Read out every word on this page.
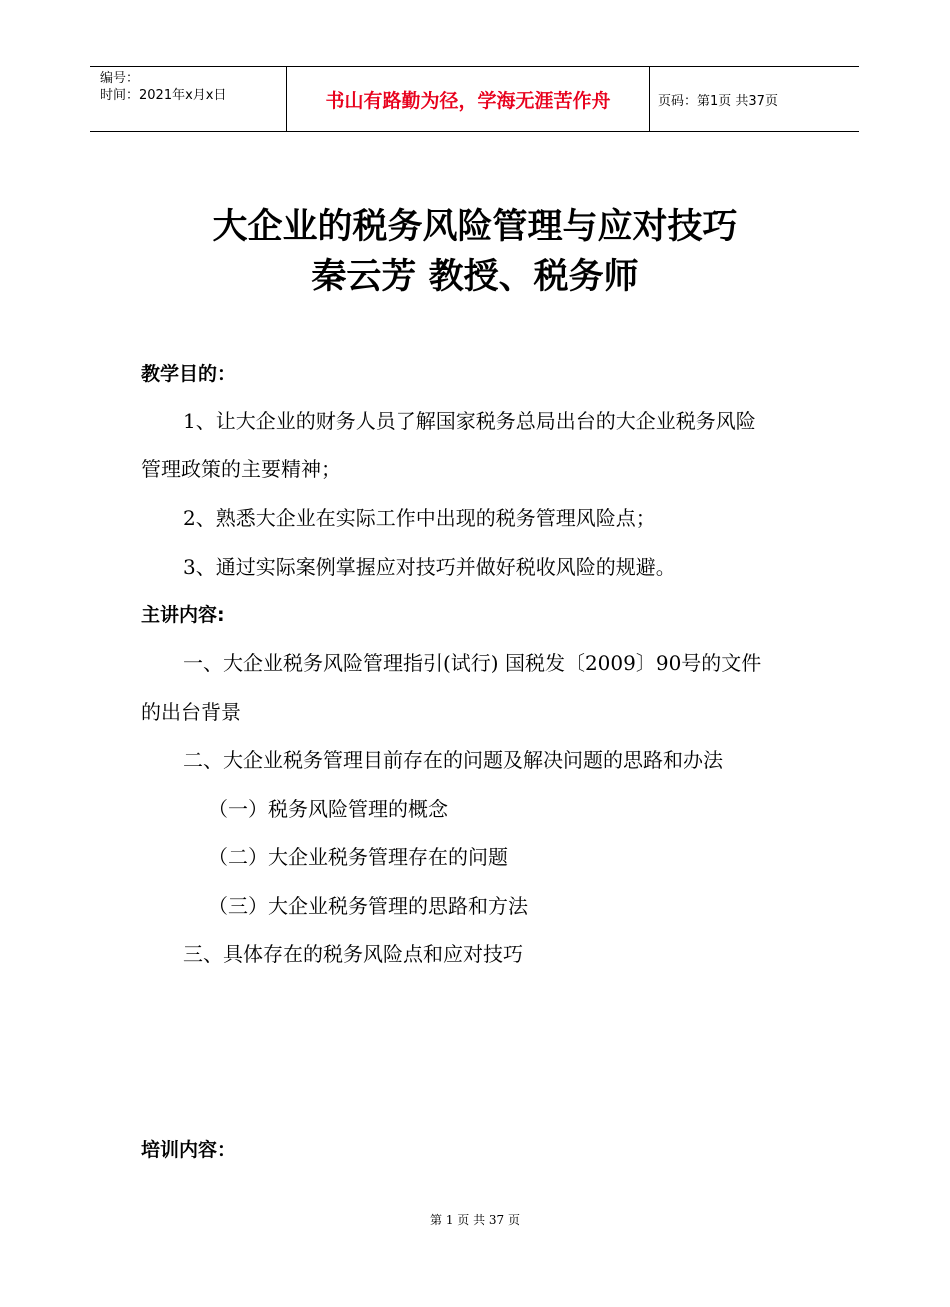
编号：
时间：2021年x月x日	书山有路勤为径，学海无涯苦作舟	页码：第1页 共37页
大企业的税务风险管理与应对技巧
秦云芳 教授、税务师
教学目的：
1、让大企业的财务人员了解国家税务总局出台的大企业税务风险
管理政策的主要精神；
2、熟悉大企业在实际工作中出现的税务管理风险点；
3、通过实际案例掌握应对技巧并做好税收风险的规避。
主讲内容:
一、大企业税务风险管理指引(试行) 国税发〔2009〕90号的文件
的出台背景
二、大企业税务管理目前存在的问题及解决问题的思路和办法
（一）税务风险管理的概念
（二）大企业税务管理存在的问题
（三）大企业税务管理的思路和方法
三、具体存在的税务风险点和应对技巧
培训内容：
第 1 页 共 37 页
